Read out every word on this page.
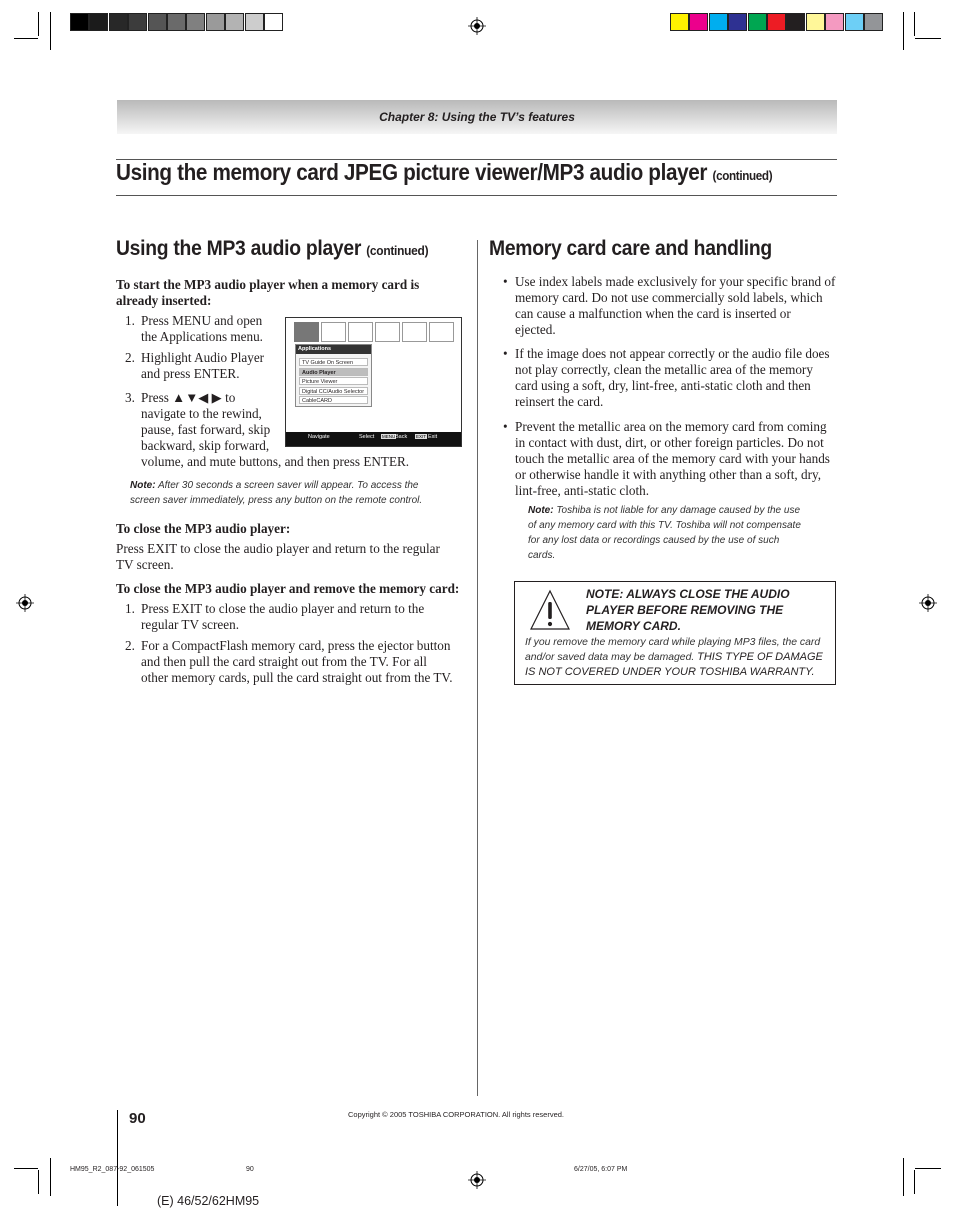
Chapter 8: Using the TV’s features
Using the memory card JPEG picture viewer/MP3 audio player (continued)
Using the MP3 audio player (continued)

To start the MP3 audio player when a memory card is

already inserted:

1. Press MENU and open
the Applications menu.
2. Highlight Audio Player
and press ENTER.
3. Press ▲▼◀ ▶ to
navigate to the rewind,
pause, fast forward, skip
backward, skip forward,
volume, and mute buttons, and then press ENTER.
Navigate	Select MENU Back EXIT Exit
Applications
TV Guide On Screen
Audio Player
Picture Viewer
Digital CC/Audio Selector
CableCARD

Note: After 30 seconds a screen saver will appear. To access the

screen saver immediately, press any button on the remote control.

To close the MP3 audio player:

Press EXIT to close the audio player and return to the regular

TV screen.

To close the MP3 audio player and remove the memory card:

1. Press EXIT to close the audio player and return to the
regular TV screen.
2. For a CompactFlash memory card, press the ejector button
and then pull the card straight out from the TV. For all
other memory cards, pull the card straight out from the TV.
Memory card care and handling
• Use index labels made exclusively for your specific brand of

memory card. Do not use commercially sold labels, which

can cause a malfunction when the card is inserted or

ejected.

• If the image does not appear correctly or the audio file does

not play correctly, clean the metallic area of the memory

card using a soft, dry, lint-free, anti-static cloth and then

reinsert the card.

• Prevent the metallic area on the memory card from coming

in contact with dust, dirt, or other foreign particles. Do not

touch the metallic area of the memory card with your hands

or otherwise handle it with anything other than a soft, dry,

lint-free, anti-static cloth.

Note: Toshiba is not liable for any damage caused by the use
of any memory card with this TV. Toshiba will not compensate
for any lost data or recordings caused by the use of such
cards.
NOTE: ALWAYS CLOSE THE AUDIO
PLAYER BEFORE REMOVING THE
MEMORY CARD.
If you remove the memory card while playing MP3 files, the card
and/or saved data may be damaged. THIS TYPE OF DAMAGE
IS NOT COVERED UNDER YOUR TOSHIBA WARRANTY.
90	Copyright © 2005 TOSHIBA CORPORATION. All rights reserved.
HM95_R2_087-92_061505	90	6/27/05, 6:07 PM
(E) 46/52/62HM95
